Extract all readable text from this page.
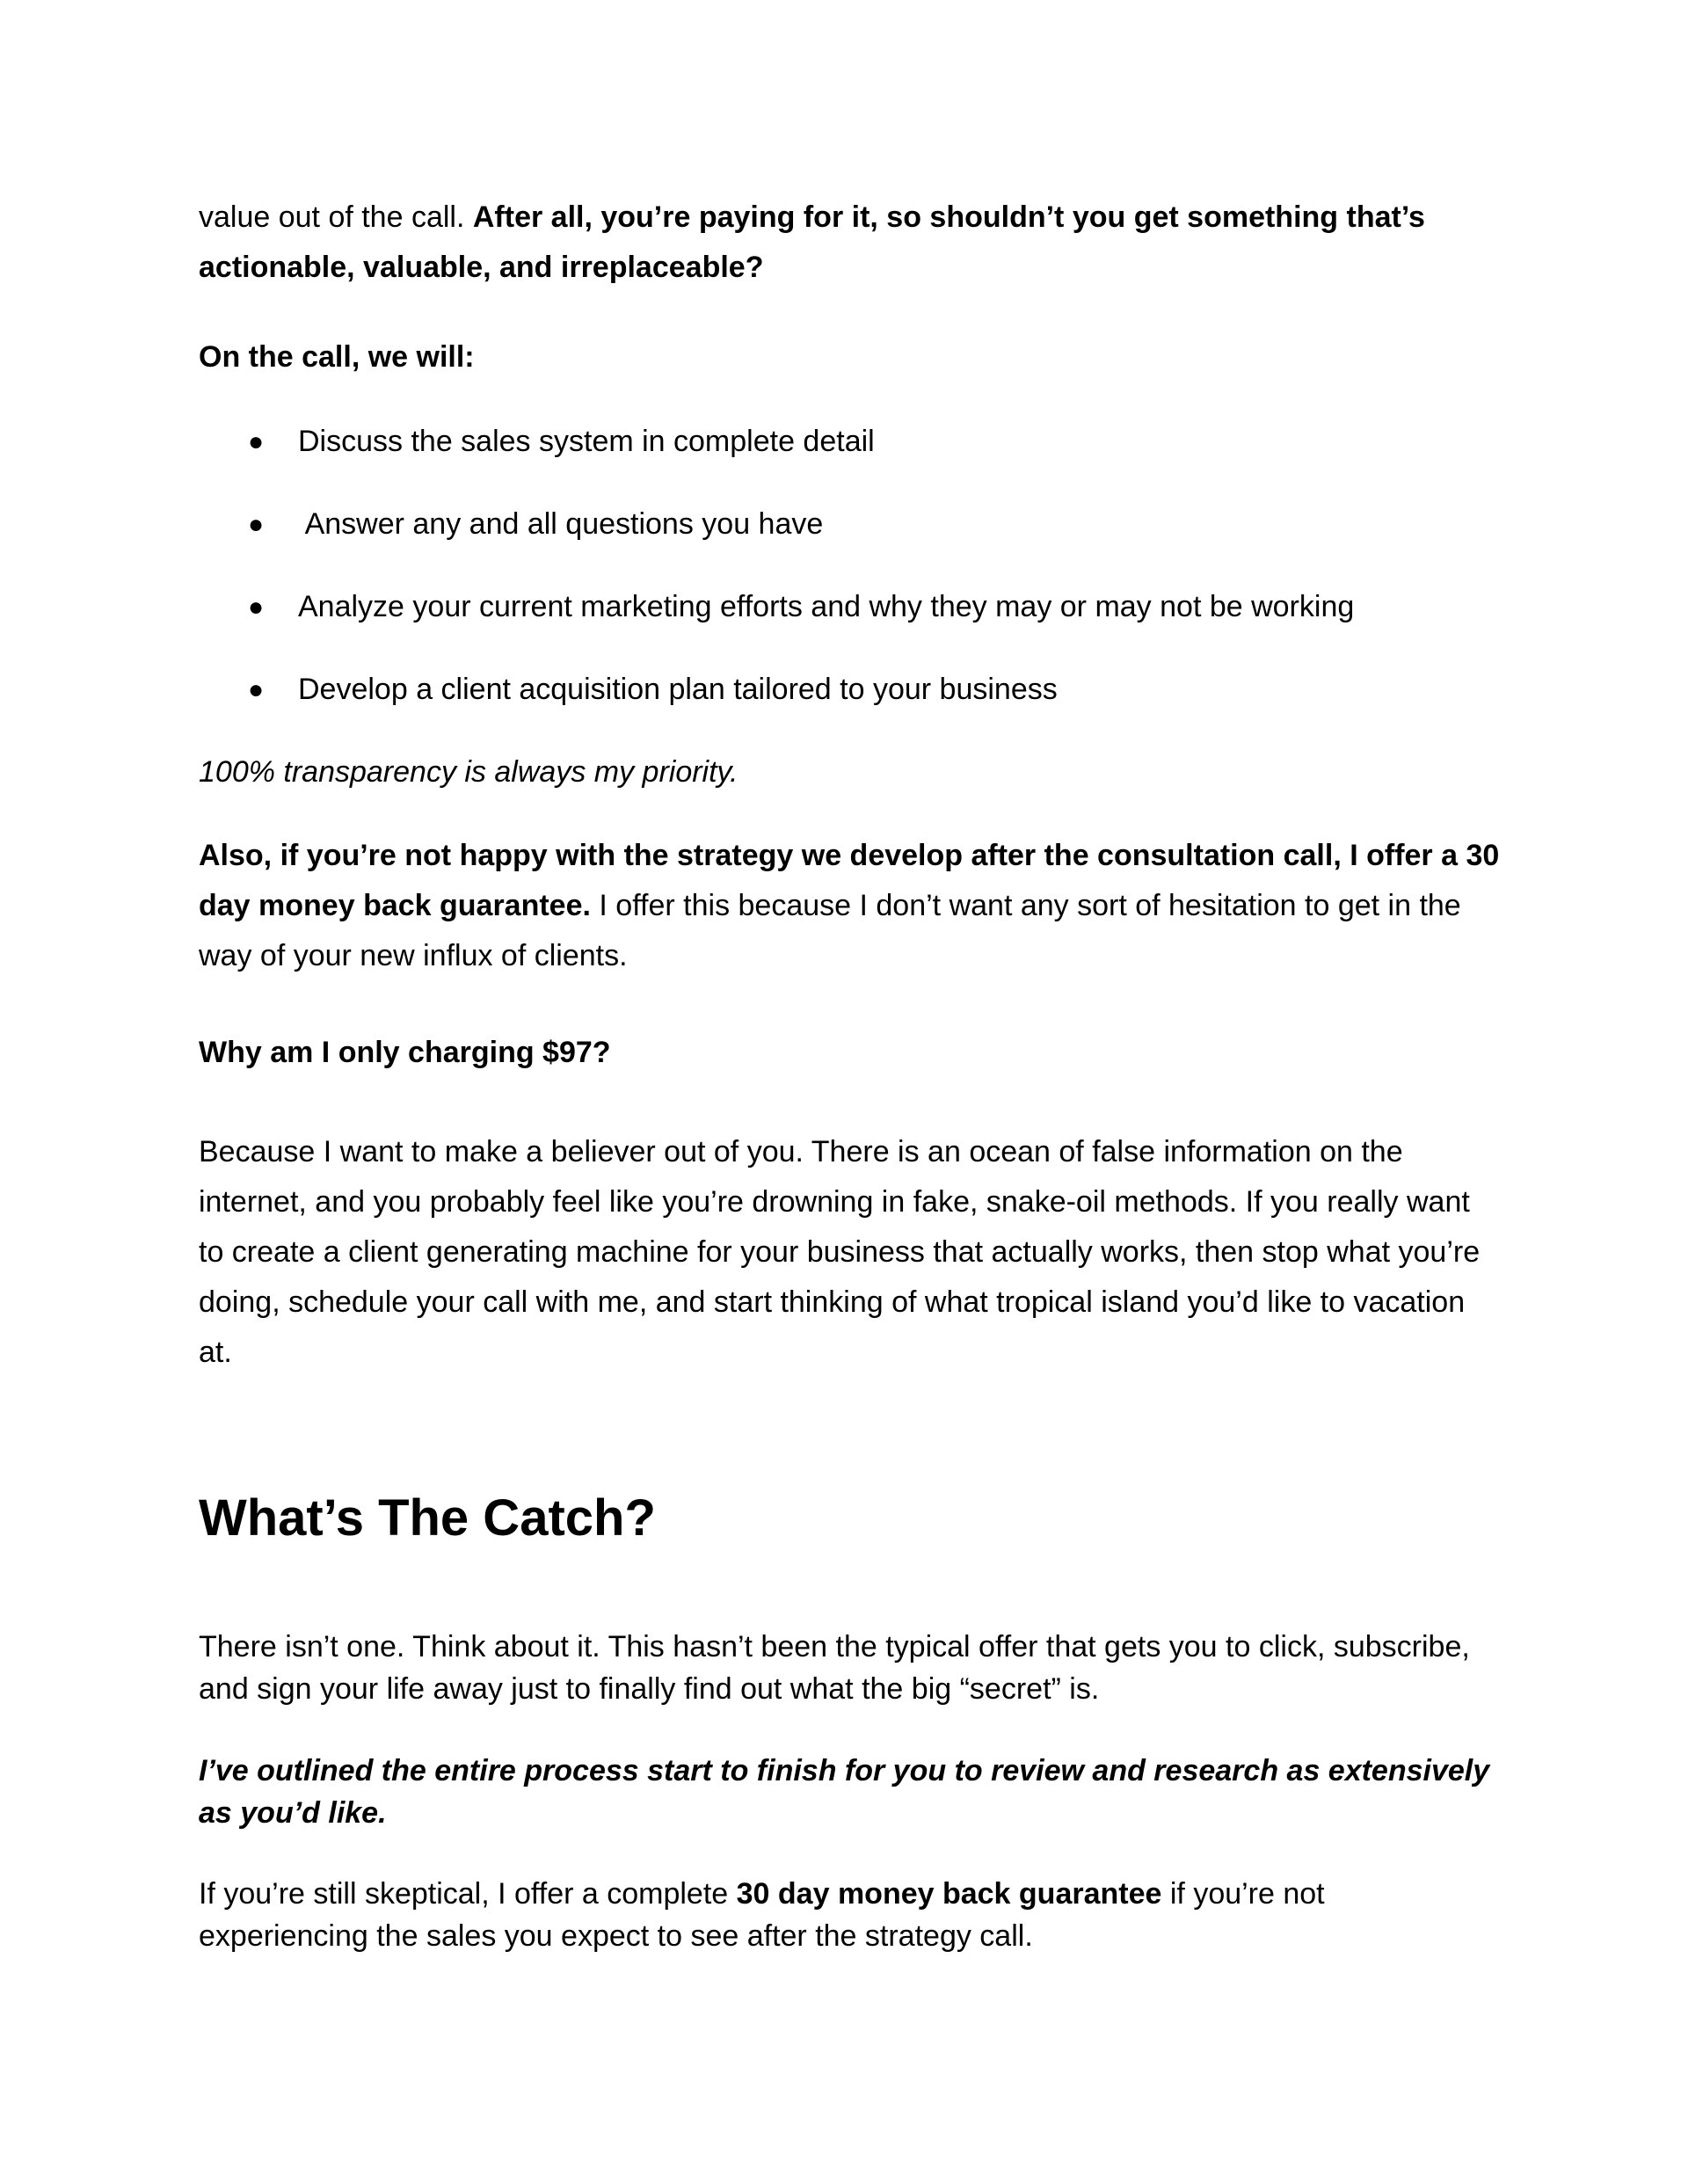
value out of the call. After all, you’re paying for it, so shouldn’t you get something that’s actionable, valuable, and irreplaceable?

On the call, we will:

●	Discuss the sales system in complete detail
●	Answer any and all questions you have
●	Analyze your current marketing efforts and why they may or may not be working
●	Develop a client acquisition plan tailored to your business

100% transparency is always my priority.

Also, if you’re not happy with the strategy we develop after the consultation call, I offer a 30 day money back guarantee. I offer this because I don’t want any sort of hesitation to get in the way of your new influx of clients.

Why am I only charging $97?

Because I want to make a believer out of you. There is an ocean of false information on the internet, and you probably feel like you’re drowning in fake, snake-oil methods. If you really want to create a client generating machine for your business that actually works, then stop what you’re doing, schedule your call with me, and start thinking of what tropical island you’d like to vacation at.

What’s The Catch?

There isn’t one. Think about it. This hasn’t been the typical offer that gets you to click, subscribe, and sign your life away just to finally find out what the big “secret” is.

I’ve outlined the entire process start to finish for you to review and research as extensively as you’d like.

If you’re still skeptical, I offer a complete 30 day money back guarantee if you’re not experiencing the sales you expect to see after the strategy call.
